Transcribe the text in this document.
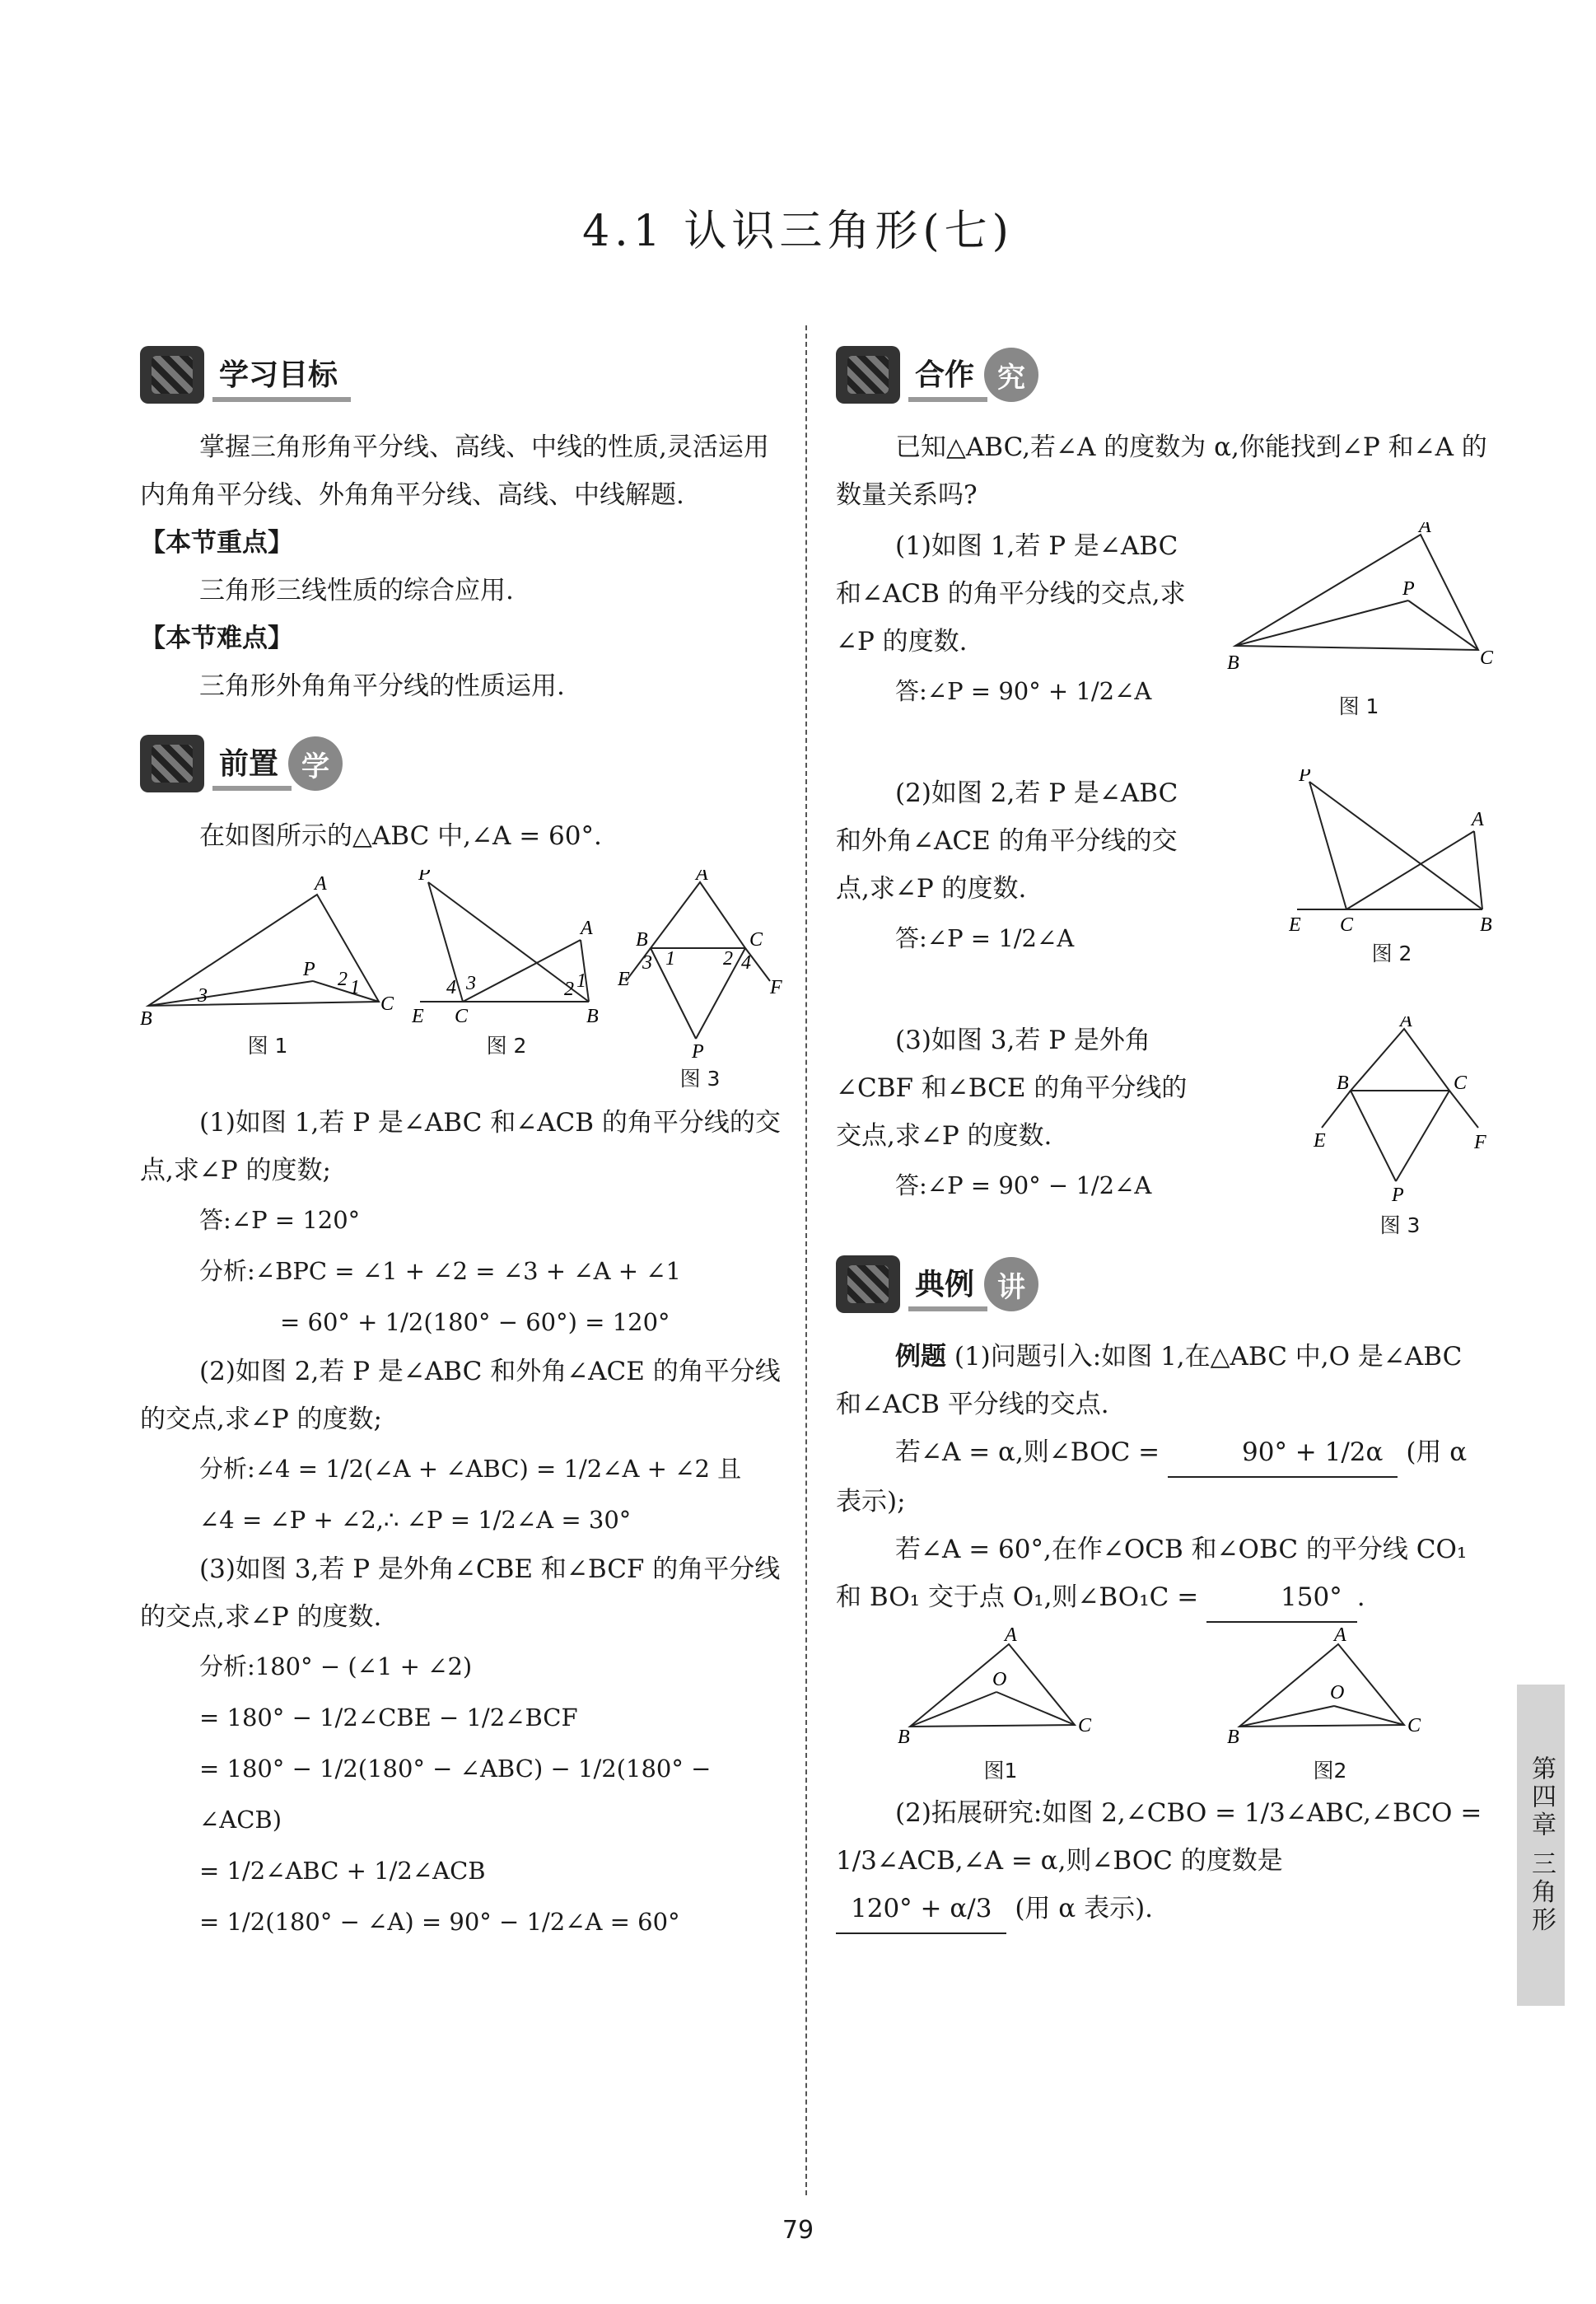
4.1 认识三角形(七)
学习目标

掌握三角形角平分线、高线、中线的性质,灵活运用内角角平分线、外角角平分线、高线、中线解题.

【本节重点】

三角形三线性质的综合应用.

【本节难点】

三角形外角角平分线的性质运用.

前置 学

在如图所示的△ABC 中,∠A = 60°.

B
A
C
P
3
2 1
图 1
P
A
E C	B
4 3	2 1
图 2
A
B	C
E	F
P
3 1 2 4
图 3

(1)如图 1,若 P 是∠ABC 和∠ACB 的角平分线的交点,求∠P 的度数;

答:∠P = 120°

分析:∠BPC = ∠1 + ∠2 = ∠3 + ∠A + ∠1

= 60° + 1/2(180° − 60°) = 120°

(2)如图 2,若 P 是∠ABC 和外角∠ACE 的角平分线的交点,求∠P 的度数;

分析:∠4 = 1/2(∠A + ∠ABC) = 1/2∠A + ∠2 且

∠4 = ∠P + ∠2,∴ ∠P = 1/2∠A = 30°

(3)如图 3,若 P 是外角∠CBE 和∠BCF 的角平分线的交点,求∠P 的度数.

分析:180° − (∠1 + ∠2)

= 180° − 1/2∠CBE − 1/2∠BCF

= 180° − 1/2(180° − ∠ABC) − 1/2(180° − ∠ACB)

= 1/2∠ABC + 1/2∠ACB

= 1/2(180° − ∠A) = 90° − 1/2∠A = 60°

合作 究

已知△ABC,若∠A 的度数为 α,你能找到∠P 和∠A 的数量关系吗?

(1)如图 1,若 P 是∠ABC 和∠ACB 的角平分线的交点,求∠P 的度数.

答:∠P = 90° + 1/2∠A

B
A
C
P
图 1

(2)如图 2,若 P 是∠ABC 和外角∠ACE 的角平分线的交点,求∠P 的度数.

答:∠P = 1/2∠A

P
A
E C	B
图 2

(3)如图 3,若 P 是外角∠CBF 和∠BCE 的角平分线的交点,求∠P 的度数.

答:∠P = 90° − 1/2∠A

A
B	C
E	F
P
图 3
典例 讲

例题 (1)问题引入:如图 1,在△ABC 中,O 是∠ABC 和∠ACB 平分线的交点.

若∠A = α,则∠BOC =	90° + 1/2α (用 α 表示);

若∠A = 60°,在作∠OCB 和∠OBC 的平分线 CO₁ 和 BO₁ 交于点 O₁,则∠BO₁C =	150° .

B
A
C
O
图1
B
A
C
O
图2

(2)拓展研究:如图 2,∠CBO = 1/3∠ABC,∠BCO = 1/3∠ACB,∠A = α,则∠BOC 的度数是

120° + α/3 (用 α 表示).	第四章 三角形
79
